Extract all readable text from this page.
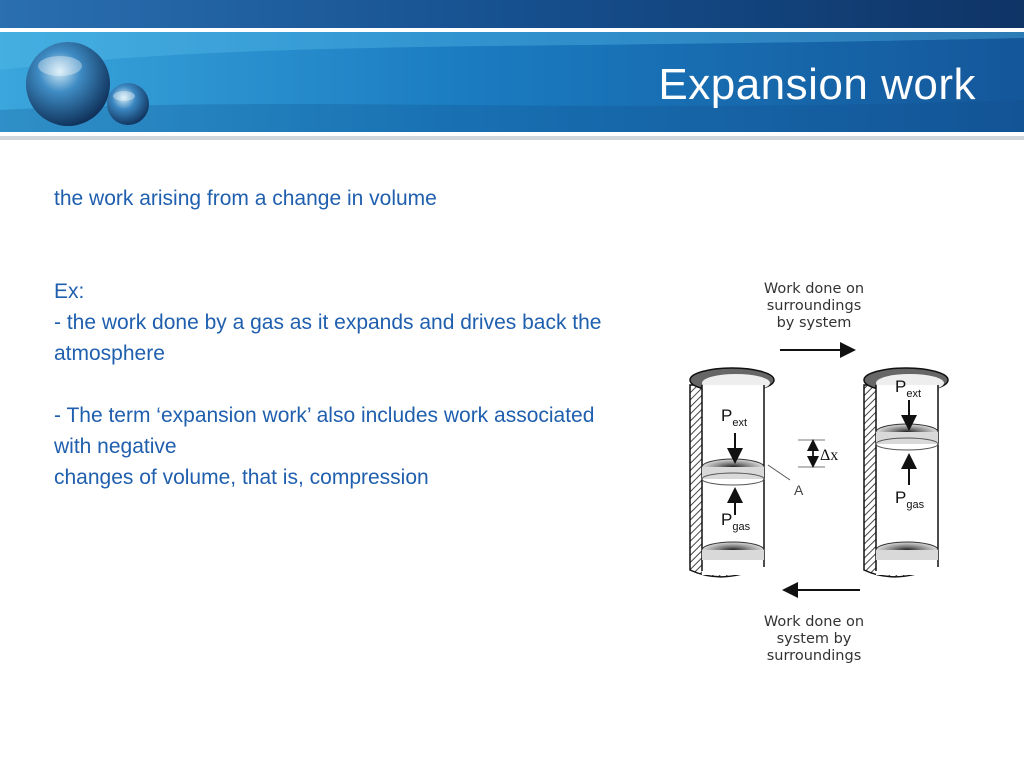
Expansion work

the work arising from a change in volume

Ex:

- the work done by a gas as it expands and drives back the

atmosphere

- The term ‘expansion work’ also includes work associated with negative

changes of volume, that is, compression

Work done on
surroundings
by system
$P_{ext}$
$P_{gas}$
$P_{ext}$
$P_{gas}$
Δx
A
Work done on
system by
surroundings
